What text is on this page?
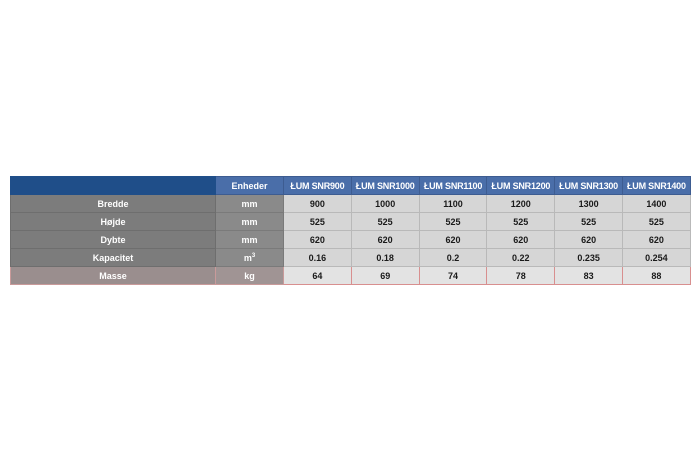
	Enheder	ŁUM SNR900	ŁUM SNR1000	ŁUM SNR1100	ŁUM SNR1200	ŁUM SNR1300	ŁUM SNR1400
Bredde	mm	900	1000	1100	1200	1300	1400
Højde	mm	525	525	525	525	525	525
Dybte	mm	620	620	620	620	620	620
Kapacitet	$m^3$	0.16	0.18	0.2	0.22	0.235	0.254
Masse	kg	64	69	74	78	83	88
